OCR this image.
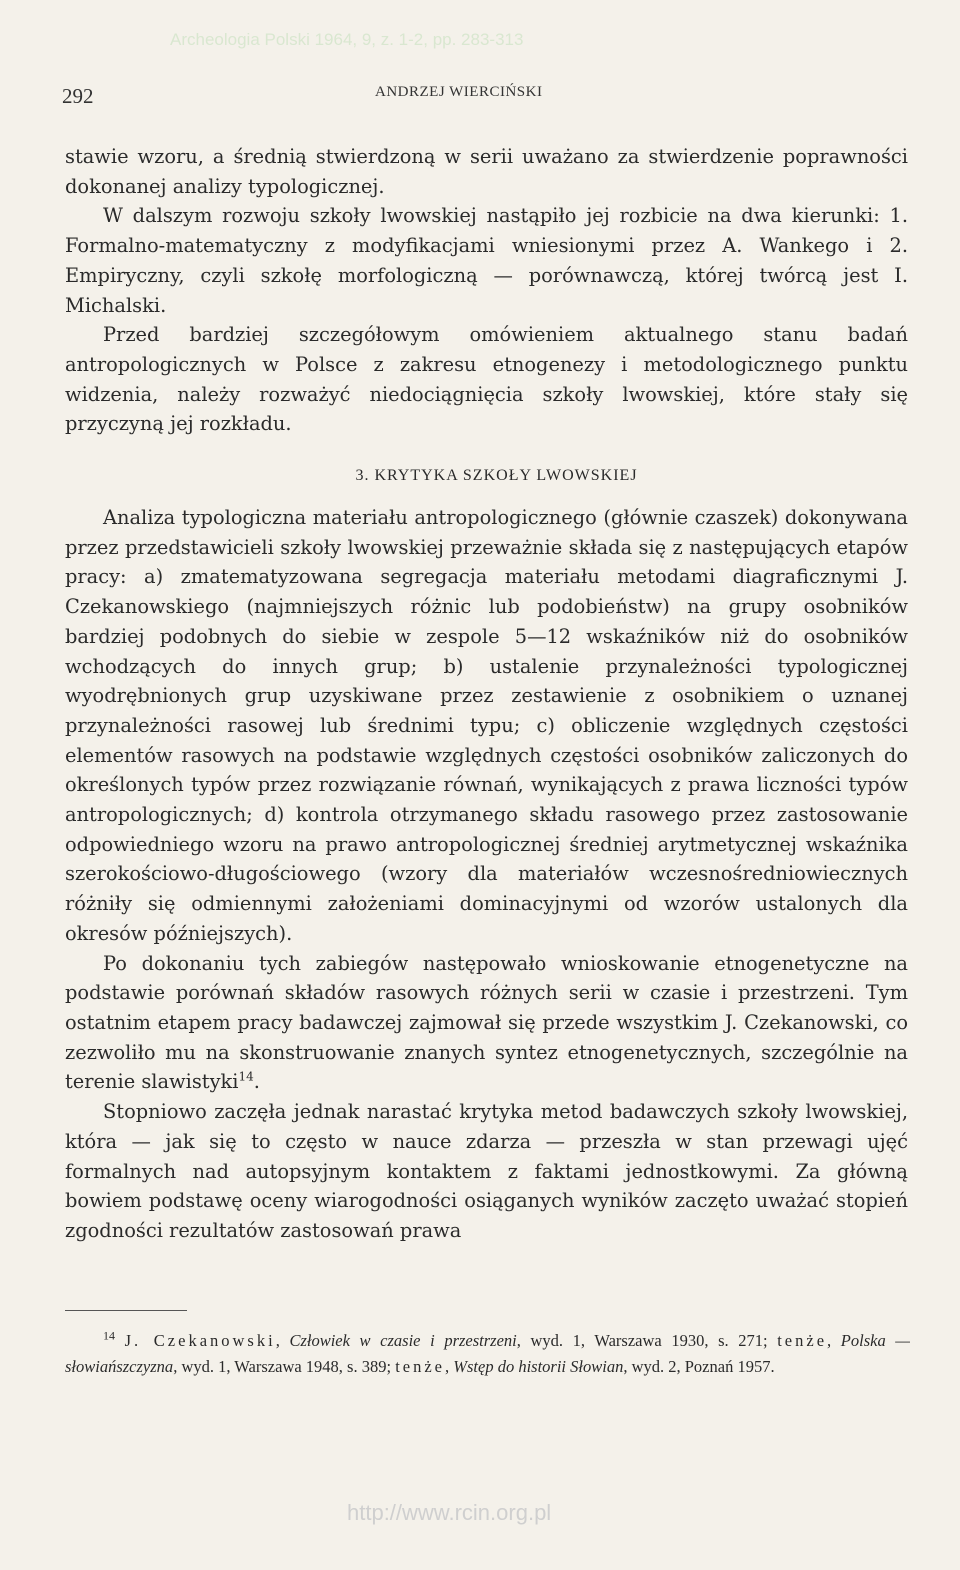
Archeologia Polski 1964, 9, z. 1-2, pp. 283-313
292	ANDRZEJ WIERCIŃSKI

stawie wzoru, a średnią stwierdzoną w serii uważano za stwierdzenie poprawności dokonanej analizy typologicznej.

W dalszym rozwoju szkoły lwowskiej nastąpiło jej rozbicie na dwa kierunki: 1. Formalno-matematyczny z modyfikacjami wniesionymi przez A. Wankego i 2. Empiryczny, czyli szkołę morfologiczną — porównawczą, której twórcą jest I. Michalski.

Przed bardziej szczegółowym omówieniem aktualnego stanu badań antropologicznych w Polsce z zakresu etnogenezy i metodologicznego punktu widzenia, należy rozważyć niedociągnięcia szkoły lwowskiej, które stały się przyczyną jej rozkładu.

3. KRYTYKA SZKOŁY LWOWSKIEJ

Analiza typologiczna materiału antropologicznego (głównie czaszek) dokonywana przez przedstawicieli szkoły lwowskiej przeważnie składa się z następujących etapów pracy: a) zmatematyzowana segregacja materiału metodami diagraficznymi J. Czekanowskiego (najmniejszych różnic lub podobieństw) na grupy osobników bardziej podobnych do siebie w zespole 5—12 wskaźników niż do osobników wchodzących do innych grup; b) ustalenie przynależności typologicznej wyodrębnionych grup uzyskiwane przez zestawienie z osobnikiem o uznanej przynależności rasowej lub średnimi typu; c) obliczenie względnych częstości elementów rasowych na podstawie względnych częstości osobników zaliczonych do określonych typów przez rozwiązanie równań, wynikających z prawa liczności typów antropologicznych; d) kontrola otrzymanego składu rasowego przez zastosowanie odpowiedniego wzoru na prawo antropologicznej średniej arytmetycznej wskaźnika szerokościowo-długościowego (wzory dla materiałów wczesnośredniowiecznych różniły się odmiennymi założeniami dominacyjnymi od wzorów ustalonych dla okresów późniejszych).

Po dokonaniu tych zabiegów następowało wnioskowanie etnogenetyczne na podstawie porównań składów rasowych różnych serii w czasie i przestrzeni. Tym ostatnim etapem pracy badawczej zajmował się przede wszystkim J. Czekanowski, co zezwoliło mu na skonstruowanie znanych syntez etnogenetycznych, szczególnie na terenie slawistyki$^{14}$.

Stopniowo zaczęła jednak narastać krytyka metod badawczych szkoły lwowskiej, która — jak się to często w nauce zdarza — przeszła w stan przewagi ujęć formalnych nad autopsyjnym kontaktem z faktami jednostkowymi. Za główną bowiem podstawę oceny wiarogodności osiąganych wyników zaczęto uważać stopień zgodności rezultatów zastosowań prawa

$^{14}$ J. Czekanowski, Człowiek w czasie i przestrzeni, wyd. 1, Warszawa 1930, s. 271; tenże, Polska — słowiańszczyzna, wyd. 1, Warszawa 1948, s. 389; tenże, Wstęp do historii Słowian, wyd. 2, Poznań 1957.
http://www.rcin.org.pl
